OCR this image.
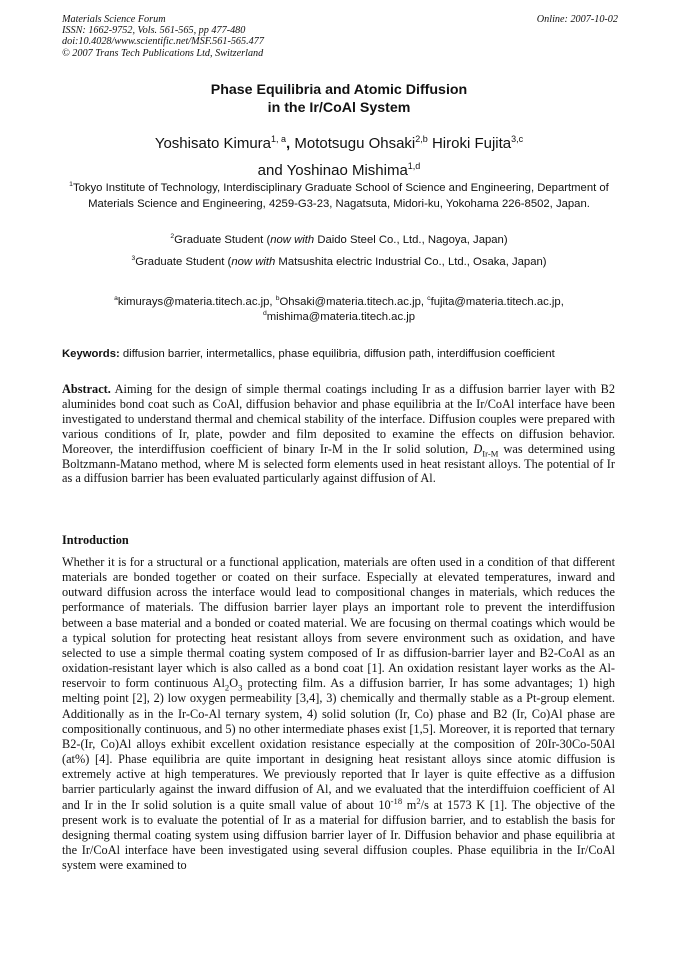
Materials Science Forum
ISSN: 1662-9752, Vols. 561-565, pp 477-480
doi:10.4028/www.scientific.net/MSF.561-565.477
© 2007 Trans Tech Publications Ltd, Switzerland
Online: 2007-10-02
Phase Equilibria and Atomic Diffusion
in the Ir/CoAl System
Yoshisato Kimura$^{1, a}$, Mototsugu Ohsaki$^{2,b}$ Hiroki Fujita$^{3,c}$
and Yoshinao Mishima$^{1,d}$
$^1$Tokyo Institute of Technology, Interdisciplinary Graduate School of Science and Engineering, Department of Materials Science and Engineering, 4259-G3-23, Nagatsuta, Midori-ku, Yokohama 226-8502, Japan.
$^2$Graduate Student (now with Daido Steel Co., Ltd., Nagoya, Japan)
$^3$Graduate Student (now with Matsushita electric Industrial Co., Ltd., Osaka, Japan)
$^a$kimurays@materia.titech.ac.jp, $^b$Ohsaki@materia.titech.ac.jp, $^c$fujita@materia.titech.ac.jp,
$^d$mishima@materia.titech.ac.jp
Keywords: diffusion barrier, intermetallics, phase equilibria, diffusion path, interdiffusion coefficient
Abstract. Aiming for the design of simple thermal coatings including Ir as a diffusion barrier layer with B2 aluminides bond coat such as CoAl, diffusion behavior and phase equilibria at the Ir/CoAl interface have been investigated to understand thermal and chemical stability of the interface. Diffusion couples were prepared with various conditions of Ir, plate, powder and film deposited to examine the effects on diffusion behavior. Moreover, the interdiffusion coefficient of binary Ir-M in the Ir solid solution, $D_{Ir-M}$ was determined using Boltzmann-Matano method, where M is selected form elements used in heat resistant alloys. The potential of Ir as a diffusion barrier has been evaluated particularly against diffusion of Al.
Introduction
Whether it is for a structural or a functional application, materials are often used in a condition of that different materials are bonded together or coated on their surface. Especially at elevated temperatures, inward and outward diffusion across the interface would lead to compositional changes in materials, which reduces the performance of materials. The diffusion barrier layer plays an important role to prevent the interdiffusion between a base material and a bonded or coated material. We are focusing on thermal coatings which would be a typical solution for protecting heat resistant alloys from severe environment such as oxidation, and have selected to use a simple thermal coating system composed of Ir as diffusion-barrier layer and B2-CoAl as an oxidation-resistant layer which is also called as a bond coat [1]. An oxidation resistant layer works as the Al-reservoir to form continuous $Al_2O_3$ protecting film. As a diffusion barrier, Ir has some advantages; 1) high melting point [2], 2) low oxygen permeability [3,4], 3) chemically and thermally stable as a Pt-group element. Additionally as in the Ir-Co-Al ternary system, 4) solid solution (Ir, Co) phase and B2 (Ir, Co)Al phase are compositionally continuous, and 5) no other intermediate phases exist [1,5]. Moreover, it is reported that ternary B2-(Ir, Co)Al alloys exhibit excellent oxidation resistance especially at the composition of 20Ir-30Co-50Al (at%) [4]. Phase equilibria are quite important in designing heat resistant alloys since atomic diffusion is extremely active at high temperatures. We previously reported that Ir layer is quite effective as a diffusion barrier particularly against the inward diffusion of Al, and we evaluated that the interdiffuion coefficient of Al and Ir in the Ir solid solution is a quite small value of about $10^{-18}$ $m^2/s$ at 1573 K [1]. The objective of the present work is to evaluate the potential of Ir as a material for diffusion barrier, and to establish the basis for designing thermal coating system using diffusion barrier layer of Ir. Diffusion behavior and phase equilibria at the Ir/CoAl interface have been investigated using several diffusion couples. Phase equilibria in the Ir/CoAl system were examined to
